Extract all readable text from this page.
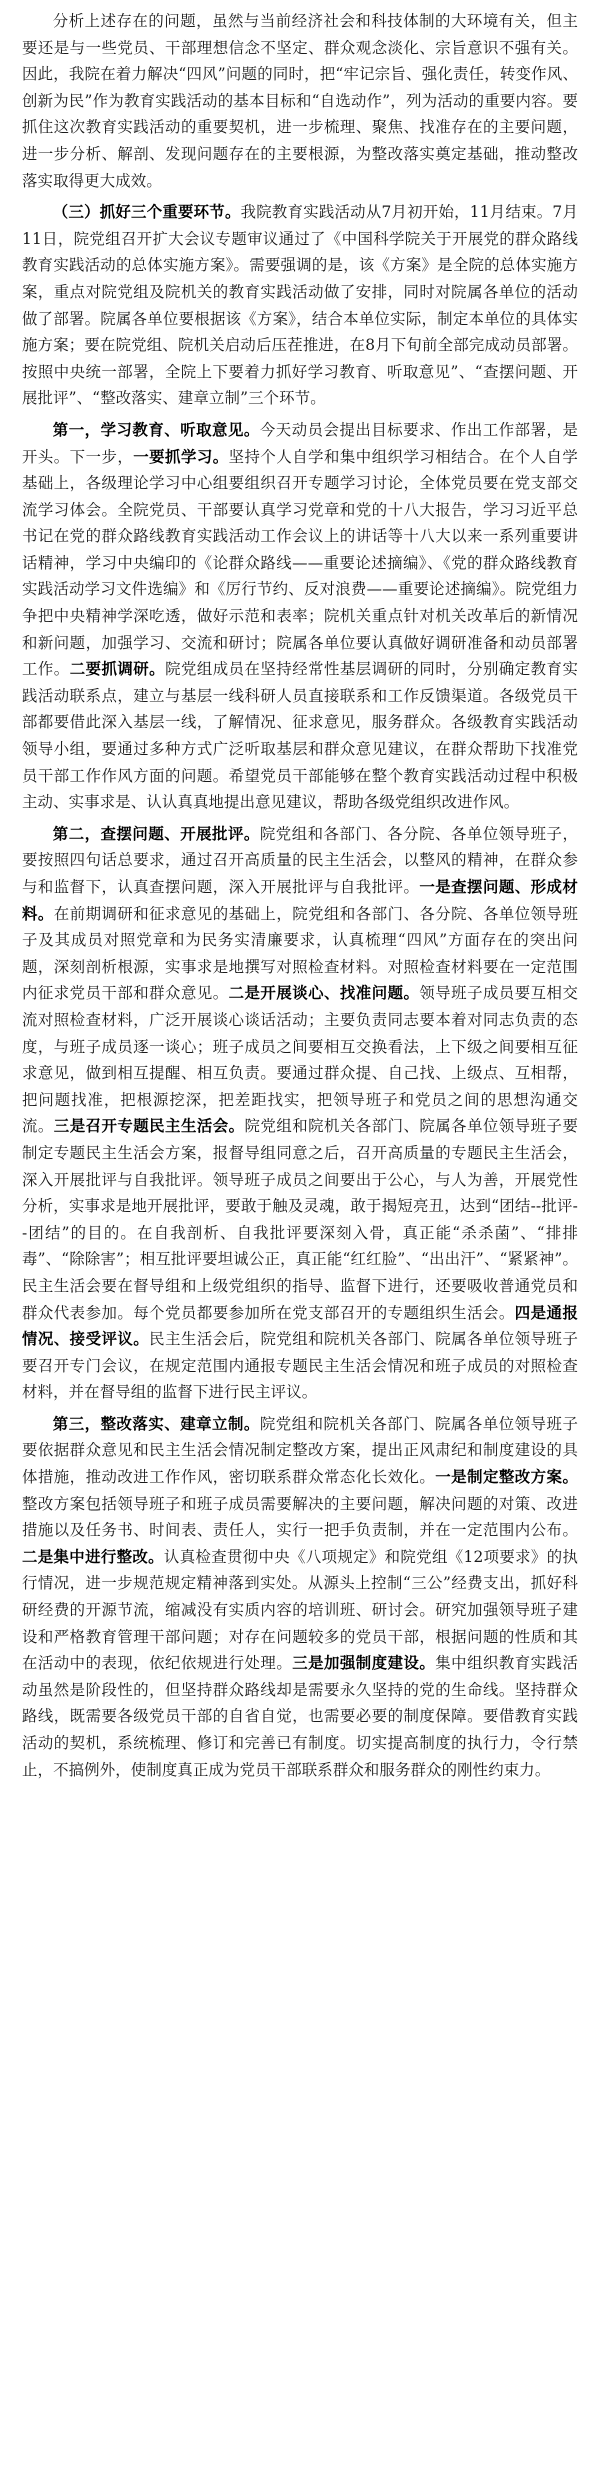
分析上述存在的问题，虽然与当前经济社会和科技体制的大环境有关，但主要还是与一些党员、干部理想信念不坚定、群众观念淡化、宗旨意识不强有关。因此，我院在着力解决“四风”问题的同时，把“牢记宗旨、强化责任，转变作风、创新为民”作为教育实践活动的基本目标和“自选动作”，列为活动的重要内容。要抓住这次教育实践活动的重要契机，进一步梳理、聚焦、找准存在的主要问题，进一步分析、解剖、发现问题存在的主要根源，为整改落实奠定基础，推动整改落实取得更大成效。

（三）抓好三个重要环节。我院教育实践活动从7月初开始，11月结束。7月11日，院党组召开扩大会议专题审议通过了《中国科学院关于开展党的群众路线教育实践活动的总体实施方案》。需要强调的是，该《方案》是全院的总体实施方案，重点对院党组及院机关的教育实践活动做了安排，同时对院属各单位的活动做了部署。院属各单位要根据该《方案》，结合本单位实际，制定本单位的具体实施方案；要在院党组、院机关启动后压茬推进，在8月下旬前全部完成动员部署。按照中央统一部署，全院上下要着力抓好学习教育、听取意见”、“查摆问题、开展批评”、“整改落实、建章立制”三个环节。

第一，学习教育、听取意见。今天动员会提出目标要求、作出工作部署，是开头。下一步，一要抓学习。坚持个人自学和集中组织学习相结合。在个人自学基础上，各级理论学习中心组要组织召开专题学习讨论，全体党员要在党支部交流学习体会。全院党员、干部要认真学习党章和党的十八大报告，学习习近平总书记在党的群众路线教育实践活动工作会议上的讲话等十八大以来一系列重要讲话精神，学习中央编印的《论群众路线——重要论述摘编》、《党的群众路线教育实践活动学习文件选编》和《厉行节约、反对浪费——重要论述摘编》。院党组力争把中央精神学深吃透，做好示范和表率；院机关重点针对机关改革后的新情况和新问题，加强学习、交流和研讨；院属各单位要认真做好调研准备和动员部署工作。二要抓调研。院党组成员在坚持经常性基层调研的同时，分别确定教育实践活动联系点，建立与基层一线科研人员直接联系和工作反馈渠道。各级党员干部都要借此深入基层一线，了解情况、征求意见，服务群众。各级教育实践活动领导小组，要通过多种方式广泛听取基层和群众意见建议，在群众帮助下找准党员干部工作作风方面的问题。希望党员干部能够在整个教育实践活动过程中积极主动、实事求是、认认真真地提出意见建议，帮助各级党组织改进作风。

第二，查摆问题、开展批评。院党组和各部门、各分院、各单位领导班子，要按照四句话总要求，通过召开高质量的民主生活会，以整风的精神，在群众参与和监督下，认真查摆问题，深入开展批评与自我批评。一是查摆问题、形成材料。在前期调研和征求意见的基础上，院党组和各部门、各分院、各单位领导班子及其成员对照党章和为民务实清廉要求，认真梳理“四风”方面存在的突出问题，深刻剖析根源，实事求是地撰写对照检查材料。对照检查材料要在一定范围内征求党员干部和群众意见。二是开展谈心、找准问题。领导班子成员要互相交流对照检查材料，广泛开展谈心谈话活动；主要负责同志要本着对同志负责的态度，与班子成员逐一谈心；班子成员之间要相互交换看法，上下级之间要相互征求意见，做到相互提醒、相互负责。要通过群众提、自己找、上级点、互相帮，把问题找准，把根源挖深，把差距找实，把领导班子和党员之间的思想沟通交流。三是召开专题民主生活会。院党组和院机关各部门、院属各单位领导班子要制定专题民主生活会方案，报督导组同意之后，召开高质量的专题民主生活会，深入开展批评与自我批评。领导班子成员之间要出于公心，与人为善，开展党性分析，实事求是地开展批评，要敢于触及灵魂，敢于揭短亮丑，达到“团结--批评--团结”的目的。在自我剖析、自我批评要深刻入骨，真正能“杀杀菌”、“排排毒”、“除除害”；相互批评要坦诚公正，真正能“红红脸”、“出出汗”、“紧紧神”。民主生活会要在督导组和上级党组织的指导、监督下进行，还要吸收普通党员和群众代表参加。每个党员都要参加所在党支部召开的专题组织生活会。四是通报情况、接受评议。民主生活会后，院党组和院机关各部门、院属各单位领导班子要召开专门会议，在规定范围内通报专题民主生活会情况和班子成员的对照检查材料，并在督导组的监督下进行民主评议。

第三，整改落实、建章立制。院党组和院机关各部门、院属各单位领导班子要依据群众意见和民主生活会情况制定整改方案，提出正风肃纪和制度建设的具体措施，推动改进工作作风，密切联系群众常态化长效化。一是制定整改方案。整改方案包括领导班子和班子成员需要解决的主要问题，解决问题的对策、改进措施以及任务书、时间表、责任人，实行一把手负责制，并在一定范围内公布。二是集中进行整改。认真检查贯彻中央《八项规定》和院党组《12项要求》的执行情况，进一步规范规定精神落到实处。从源头上控制“三公”经费支出，抓好科研经费的开源节流，缩减没有实质内容的培训班、研讨会。研究加强领导班子建设和严格教育管理干部问题；对存在问题较多的党员干部，根据问题的性质和其在活动中的表现，依纪依规进行处理。三是加强制度建设。集中组织教育实践活动虽然是阶段性的，但坚持群众路线却是需要永久坚持的党的生命线。坚持群众路线，既需要各级党员干部的自省自觉，也需要必要的制度保障。要借教育实践活动的契机，系统梳理、修订和完善已有制度。切实提高制度的执行力，令行禁止，不搞例外，使制度真正成为党员干部联系群众和服务群众的刚性约束力。
